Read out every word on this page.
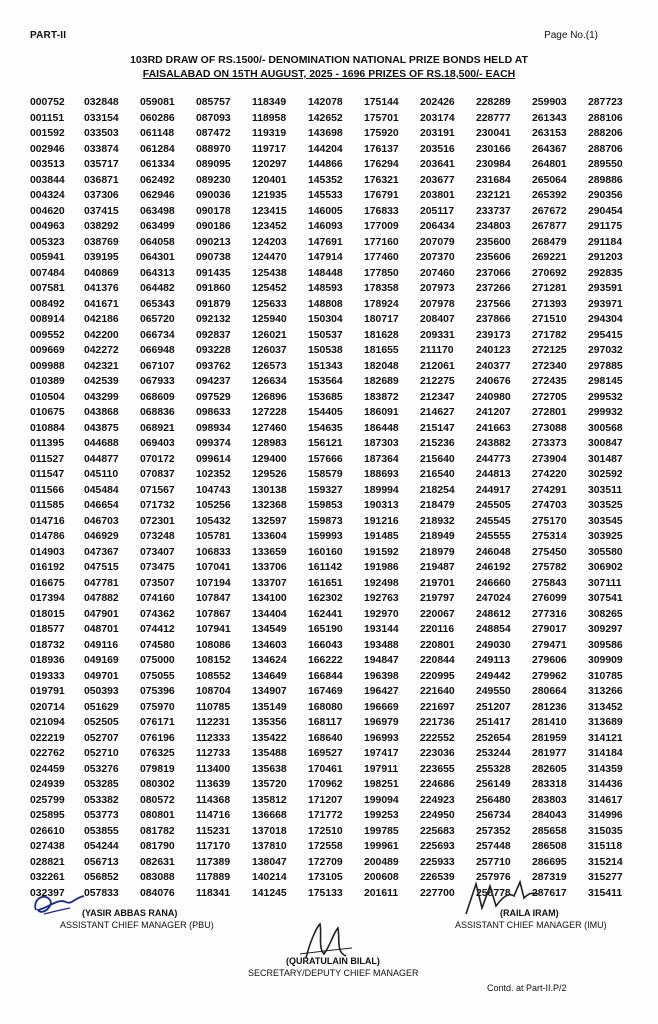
PART-II	Page No.(1)
103RD DRAW OF RS.1500/- DENOMINATION NATIONAL PRIZE BONDS HELD AT
FAISALABAD ON 15TH AUGUST, 2025 - 1696 PRIZES OF RS.18,500/- EACH
000752	032848	059081	085757	118349	142078	175144	202426	228289	259903	287723
001151	033154	060286	087093	118958	142652	175701	203174	228777	261343	288106
001592	033503	061148	087472	119319	143698	175920	203191	230041	263153	288206
002946	033874	061284	088970	119717	144204	176137	203516	230166	264367	288706
003513	035717	061334	089095	120297	144866	176294	203641	230984	264801	289550
003844	036871	062492	089230	120401	145352	176321	203677	231684	265064	289886
004324	037306	062946	090036	121935	145533	176791	203801	232121	265392	290356
004620	037415	063498	090178	123415	146005	176833	205117	233737	267672	290454
004963	038292	063499	090186	123452	146093	177009	206434	234803	267877	291175
005323	038769	064058	090213	124203	147691	177160	207079	235600	268479	291184
005941	039195	064301	090738	124470	147914	177460	207370	235606	269221	291203
007484	040869	064313	091435	125438	148448	177850	207460	237066	270692	292835
007581	041376	064482	091860	125452	148593	178358	207973	237266	271281	293591
008492	041671	065343	091879	125633	148808	178924	207978	237566	271393	293971
008914	042186	065720	092132	125940	150304	180717	208407	237866	271510	294304
009552	042200	066734	092837	126021	150537	181628	209331	239173	271782	295415
009669	042272	066948	093228	126037	150538	181655	211170	240123	272125	297032
009988	042321	067107	093762	126573	151343	182048	212061	240377	272340	297885
010389	042539	067933	094237	126634	153564	182689	212275	240676	272435	298145
010504	043299	068609	097529	126896	153685	183872	212347	240980	272705	299532
010675	043868	068836	098633	127228	154405	186091	214627	241207	272801	299932
010884	043875	068921	098934	127460	154635	186448	215147	241663	273088	300568
011395	044688	069403	099374	128983	156121	187303	215236	243882	273373	300847
011527	044877	070172	099614	129400	157666	187364	215640	244773	273904	301487
011547	045110	070837	102352	129526	158579	188693	216540	244813	274220	302592
011566	045484	071567	104743	130138	159327	189994	218254	244917	274291	303511
011585	046654	071732	105256	132368	159853	190313	218479	245505	274703	303525
014716	046703	072301	105432	132597	159873	191216	218932	245545	275170	303545
014786	046929	073248	105781	133604	159993	191485	218949	245555	275314	303925
014903	047367	073407	106833	133659	160160	191592	218979	246048	275450	305580
016192	047515	073475	107041	133706	161142	191986	219487	246192	275782	306902
016675	047781	073507	107194	133707	161651	192498	219701	246660	275843	307111
017394	047882	074160	107847	134100	162302	192763	219797	247024	276099	307541
018015	047901	074362	107867	134404	162441	192970	220067	248612	277316	308265
018577	048701	074412	107941	134549	165190	193144	220116	248854	279017	309297
018732	049116	074580	108086	134603	166043	193488	220801	249030	279471	309586
018936	049169	075000	108152	134624	166222	194847	220844	249113	279606	309909
019333	049701	075055	108552	134649	166844	196398	220995	249442	279962	310785
019791	050393	075396	108704	134907	167469	196427	221640	249550	280664	313266
020714	051629	075970	110785	135149	168080	196669	221697	251207	281236	313452
021094	052505	076171	112231	135356	168117	196979	221736	251417	281410	313689
022219	052707	076196	112333	135422	168640	196993	222552	252654	281959	314121
022762	052710	076325	112733	135488	169527	197417	223036	253244	281977	314184
024459	053276	079819	113400	135638	170461	197911	223655	255328	282605	314359
024939	053285	080302	113639	135720	170962	198251	224686	256149	283318	314436
025799	053382	080572	114368	135812	171207	199094	224923	256480	283803	314617
025895	053773	080801	114716	136668	171772	199253	224950	256734	284043	314996
026610	053855	081782	115231	137018	172510	199785	225683	257352	285658	315035
027438	054244	081790	117170	137810	172558	199961	225693	257448	286508	315118
028821	056713	082631	117389	138047	172709	200489	225933	257710	286695	315214
032261	056852	083088	117889	140214	173105	200608	226539	257976	287319	315277
032397	057833	084076	118341	141245	175133	201611	227700	258778	287617	315411
(YASIR ABBAS RANA)
ASSISTANT CHIEF MANAGER (PBU)
(QURATULAIN BILAL)
SECRETARY/DEPUTY CHIEF MANAGER
(RAILA IRAM)
ASSISTANT CHIEF MANAGER (IMU)
Contd. at Part-II.P/2
